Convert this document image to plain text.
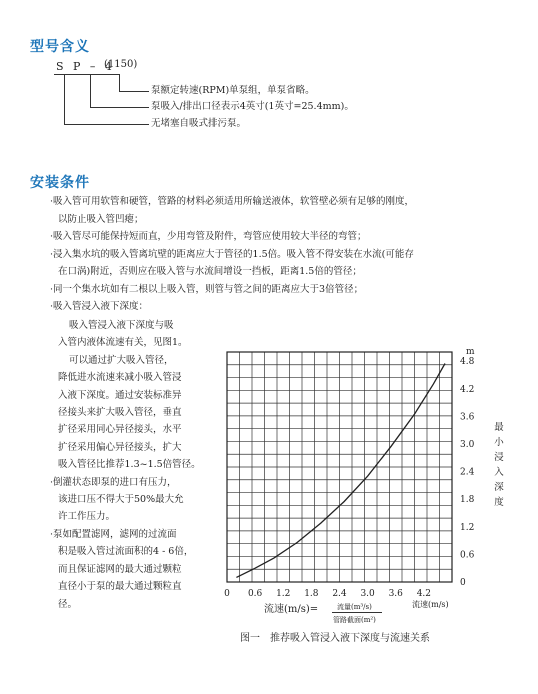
型号含义
S P – 4
(1150)
泵额定转速(RPM)单泵组，单泵省略。
泵吸入/排出口径表示4英寸(1英寸=25.4mm)。
无堵塞自吸式排污泵。
安装条件

·吸入管可用软管和硬管，管路的材料必须适用所输送液体，软管壁必须有足够的刚度，
以防止吸入管凹瘪；

·吸入管尽可能保持短而直，少用弯管及附件，弯管应使用较大半径的弯管；

·浸入集水坑的吸入管离坑壁的距离应大于管径的1.5倍。吸入管不得安装在水流(可能存
在口涡)附近，否则应在吸入管与水流间增设一挡板，距离1.5倍的管径；

·同一个集水坑如有二根以上吸入管，则管与管之间的距离应大于3倍管径；

·吸入管浸入液下深度：

　　吸入管浸入液下深度与吸
入管内液体流速有关，见图1。
　　可以通过扩大吸入管径，
降低进水流速来减小吸入管浸
入液下深度。通过安装标准异
径接头来扩大吸入管径，垂直
扩径采用同心异径接头，水平
扩径采用偏心异径接头，扩大
吸入管径比推荐1.3~1.5倍管径。
·倒灌状态即泵的进口有压力，
该进口压不得大于50%最大允
许工作压力。
·泵如配置滤网，滤网的过流面
积是吸入管过流面积的4 - 6倍，
而且保证滤网的最大通过颗粒
直径小于泵的最大通过颗粒直
径。
0 0.6 1.2 1.8 2.4 3.0 3.6 4.2
0
0.6
1.2
1.8
2.4
3.0
3.6
4.2
4.8
m
最小浸入深度
流速(m/s)
流速(m/s)=	流量(m³/s)
管路截面(m²)
图一　推荐吸入管浸入液下深度与流速关系
